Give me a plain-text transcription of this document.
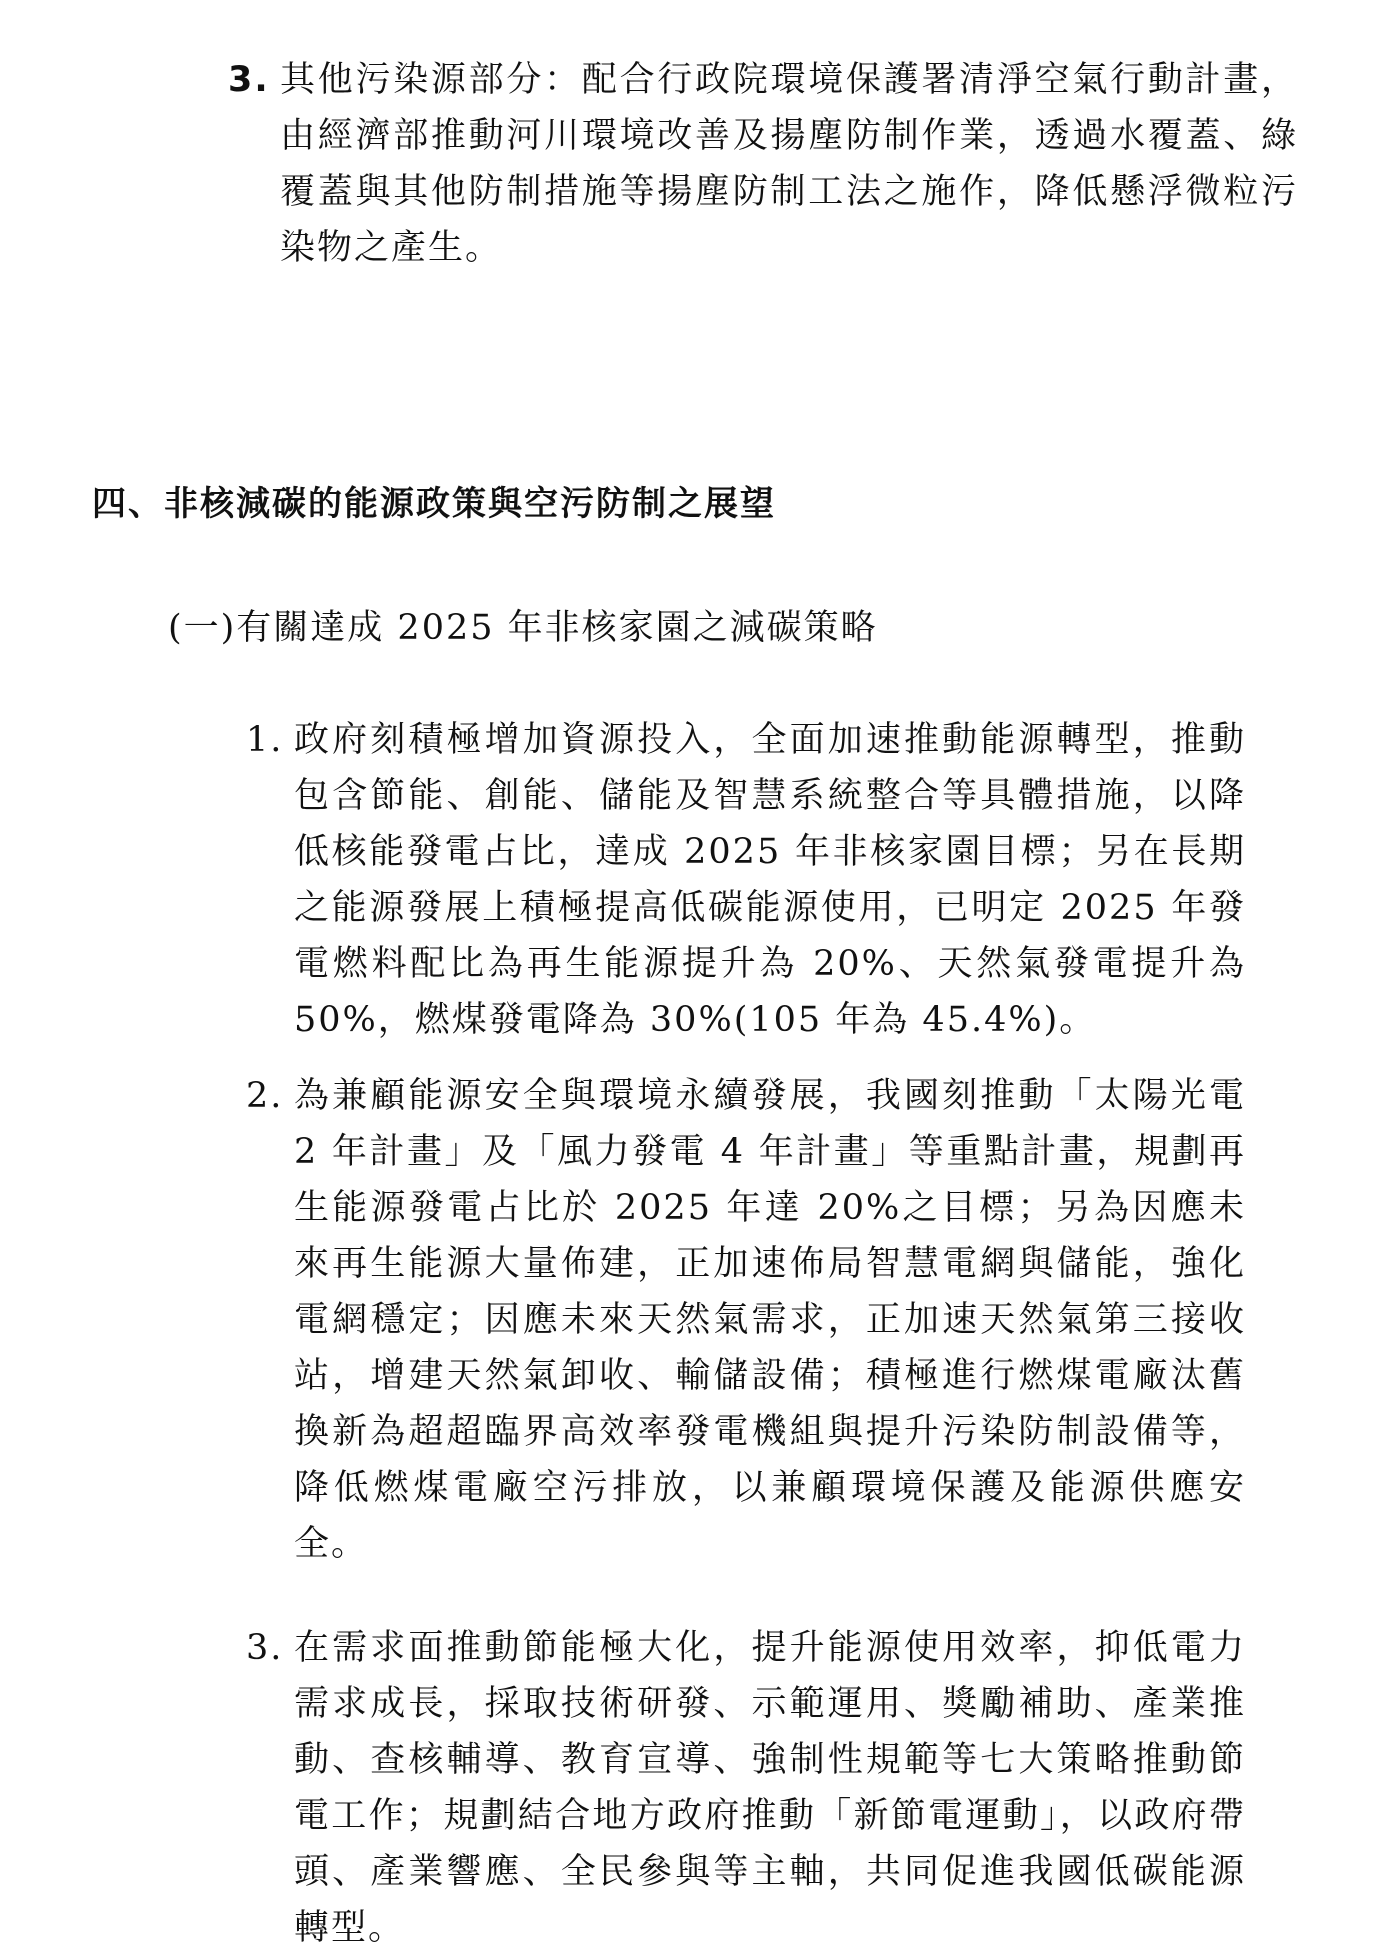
3. 其他污染源部分：配合行政院環境保護署清淨空氣行動計畫，由經濟部推動河川環境改善及揚塵防制作業，透過水覆蓋、綠覆蓋與其他防制措施等揚塵防制工法之施作，降低懸浮微粒污染物之產生。
四、非核減碳的能源政策與空污防制之展望
(一)有關達成 2025 年非核家園之減碳策略
1. 政府刻積極增加資源投入，全面加速推動能源轉型，推動包含節能、創能、儲能及智慧系統整合等具體措施，以降低核能發電占比，達成 2025 年非核家園目標；另在長期之能源發展上積極提高低碳能源使用，已明定 2025 年發電燃料配比為再生能源提升為 20%、天然氣發電提升為 50%，燃煤發電降為 30%(105 年為 45.4%)。
2. 為兼顧能源安全與環境永續發展，我國刻推動「太陽光電 2 年計畫」及「風力發電 4 年計畫」等重點計畫，規劃再生能源發電占比於 2025 年達 20%之目標；另為因應未來再生能源大量佈建，正加速佈局智慧電網與儲能，強化電網穩定；因應未來天然氣需求，正加速天然氣第三接收站，增建天然氣卸收、輸儲設備；積極進行燃煤電廠汰舊換新為超超臨界高效率發電機組與提升污染防制設備等，降低燃煤電廠空污排放，以兼顧環境保護及能源供應安全。
3. 在需求面推動節能極大化，提升能源使用效率，抑低電力需求成長，採取技術研發、示範運用、獎勵補助、產業推動、查核輔導、教育宣導、強制性規範等七大策略推動節電工作；規劃結合地方政府推動「新節電運動」，以政府帶頭、產業響應、全民參與等主軸，共同促進我國低碳能源轉型。
